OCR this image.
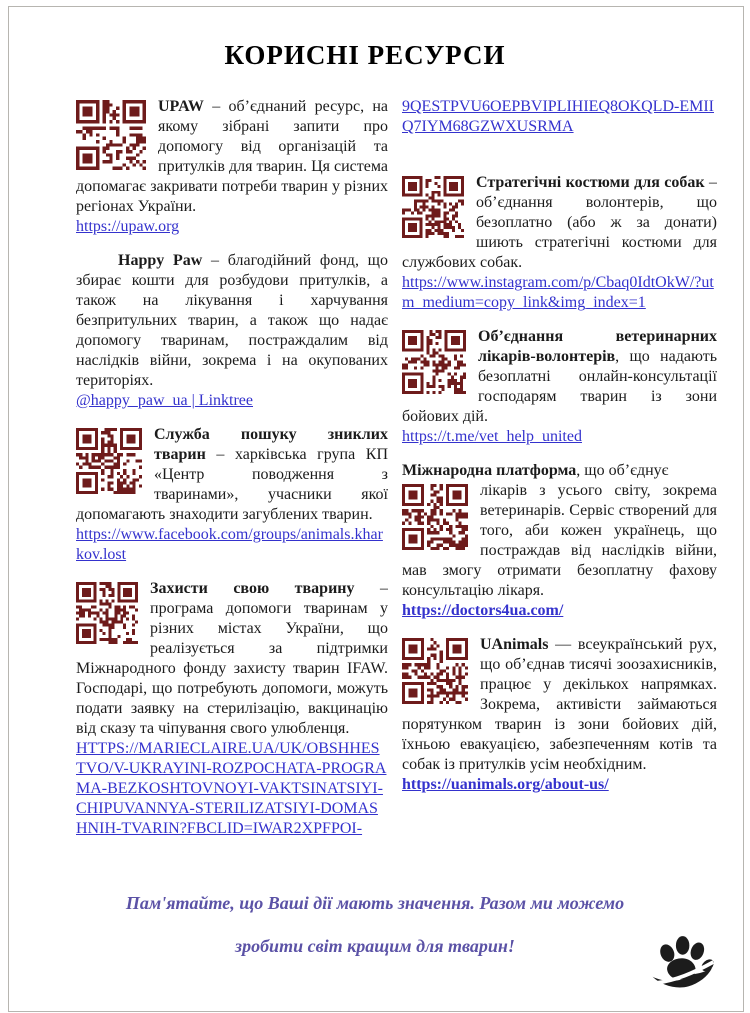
КОРИСНІ РЕСУРСИ

UPAW – об’єднаний ресурс, на якому зібрані запити про допомогу від організацій та притулків для тварин. Ця система допомагає закривати потреби тварин у різних регіонах України.

https://upaw.org

Happy Paw – благодійний фонд, що збирає кошти для розбудови притулків, а також на лікування і харчування безпритульних тварин, а також що надає допомогу тваринам, постраждалим від наслідків війни, зокрема і на окупованих територіях.

@happy_paw_ua | Linktree

Служба пошуку зниклих тварин – харківська група КП «Центр поводження з тваринами», учасники якої допомагають знаходити загублених тварин.

https://www.facebook.com/groups/animals.kharkov.lost

Захисти свою тварину – програма допомоги тваринам у різних містах України, що реалізується за підтримки Міжнародного фонду захисту тварин IFAW. Господарі, що потребують допомоги, можуть подати заявку на стерилізацію, вакцинацію від сказу та чіпування свого улюбленця.

HTTPS://MARIECLAIRE.UA/UK/OBSHHESTVO/V-UKRAYINI-ROZPOCHATA-PROGRAMA-BEZKOSHTOVNOYI-VAKTSINATSIYI-CHIPUVANNYA-STERILIZATSIYI-DOMASHNIH-TVARIN?FBCLID=IWAR2XPFPOI-
9QESTPVU6OEPBVIPLIHIEQ8OKQLD-EMIIQ7IYM68GZWXUSRMA

Стратегічні костюми для собак – об’єднання волонтерів, що безоплатно (або ж за донати) шиють стратегічні костюми для службових собак.

https://www.instagram.com/p/Cbaq0IdtOkW/?utm_medium=copy_link&img_index=1

Об’єднання ветеринарних лікарів-волонтерів, що надають безоплатні онлайн-консультації господарям тварин із зони бойових дій.

https://t.me/vet_help_united

Міжнародна платформа, що об’єднує

лікарів з усього світу, зокрема ветеринарів. Сервіс створений для того, аби кожен українець, що постраждав від наслідків війни, мав змогу отримати безоплатну фахову консультацію лікаря.

https://doctors4ua.com/

UAnimals — всеукраїнський рух, що об’єднав тисячі зоозахисників, працює у декількох напрямках. Зокрема, активісти займаються порятунком тварин із зони бойових дій, їхньою евакуацією, забезпеченням котів та собак із притулків усім необхідним.

https://uanimals.org/about-us/
Пам'ятайте, що Ваші дії мають значення. Разом ми можемо
зробити світ кращим для тварин!
